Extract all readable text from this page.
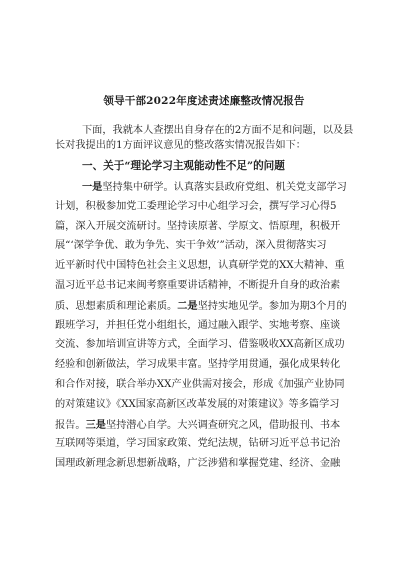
领导干部2022年度述责述廉整改情况报告
下面，我就本人查摆出自身存在的2方面不足和问题，以及县
长对我提出的1方面评议意见的整改落实情况报告如下：
一、关于“理论学习主观能动性不足”的问题
一是坚持集中研学。认真落实县政府党组、机关党支部学习
计划，积极参加党工委理论学习中心组学习会，撰写学习心得5
篇，深入开展交流研讨。坚持读原著、学原文、悟原理，积极开
展“‘深学争优、敢为争先、实干争效’”活动，深入贯彻落实习
近平新时代中国特色社会主义思想，认真研学党的XX大精神、重
温习近平总书记来闽考察重要讲话精神，不断提升自身的政治素
质、思想素质和理论素质。二是坚持实地见学。参加为期3个月的
跟班学习，并担任党小组组长，通过融入跟学、实地考察、座谈
交流、参加培训宣讲等方式，全面学习、借鉴吸收XX高新区成功
经验和创新做法，学习成果丰富。坚持学用贯通，强化成果转化
和合作对接，联合举办XX产业供需对接会，形成《加强产业协同
的对策建议》《XX国家高新区改革发展的对策建议》等多篇学习
报告。三是坚持潜心自学。大兴调查研究之风，借助报刊、书本
互联网等渠道，学习国家政策、党纪法规，钻研习近平总书记治
国理政新理念新思想新战略，广泛涉猎和掌握党建、经济、金融
